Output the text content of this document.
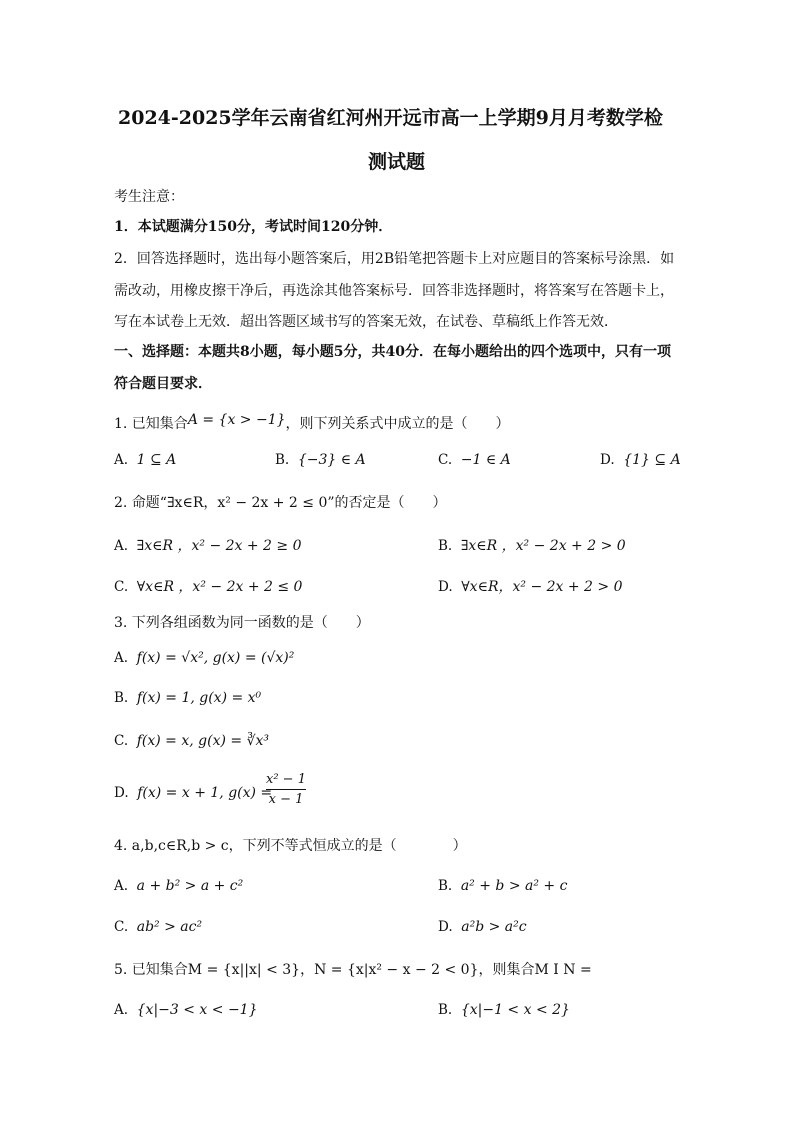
2024-2025学年云南省红河州开远市高一上学期9月月考数学检
测试题
考生注意：
1．本试题满分150分，考试时间120分钟．
2．回答选择题时，选出每小题答案后，用2B铅笔把答题卡上对应题目的答案标号涂黑．如
需改动，用橡皮擦干净后，再选涂其他答案标号．回答非选择题时，将答案写在答题卡上，
写在本试卷上无效．超出答题区域书写的答案无效，在试卷、草稿纸上作答无效．
一、选择题：本题共8小题，每小题5分，共40分．在每小题给出的四个选项中，只有一项
符合题目要求．
1. 已知集合A = {x > −1}，则下列关系式中成立的是（　　）
A. 1 ⊆ A	B. {−3} ∈ A	C. −1 ∈ A	D. {1} ⊆ A
2. 命题“∃x∈R，x² − 2x + 2 ≤ 0”的否定是（　　）
A. ∃x∈R ，x² − 2x + 2 ≥ 0	B. ∃x∈R ，x² − 2x + 2 > 0
C. ∀x∈R ，x² − 2x + 2 ≤ 0	D. ∀x∈R，x² − 2x + 2 > 0
3. 下列各组函数为同一函数的是（　　）
A. f(x) = √x², g(x) = (√x)²
B. f(x) = 1, g(x) = x⁰
C. f(x) = x, g(x) = ∛x³
D. f(x) = x + 1, g(x) =
$\frac{\text{x² − 1}}{x - 1}$
4. a,b,c∈R,b > c，下列不等式恒成立的是（　　　　）
A. a + b² > a + c²	B. a² + b > a² + c
C. ab² > ac²	D. a²b > a²c
5. 已知集合M = {x||x| < 3}，N = {x|x² − x − 2 < 0}，则集合M I N =
A. {x|−3 < x < −1}	B. {x|−1 < x < 2}
